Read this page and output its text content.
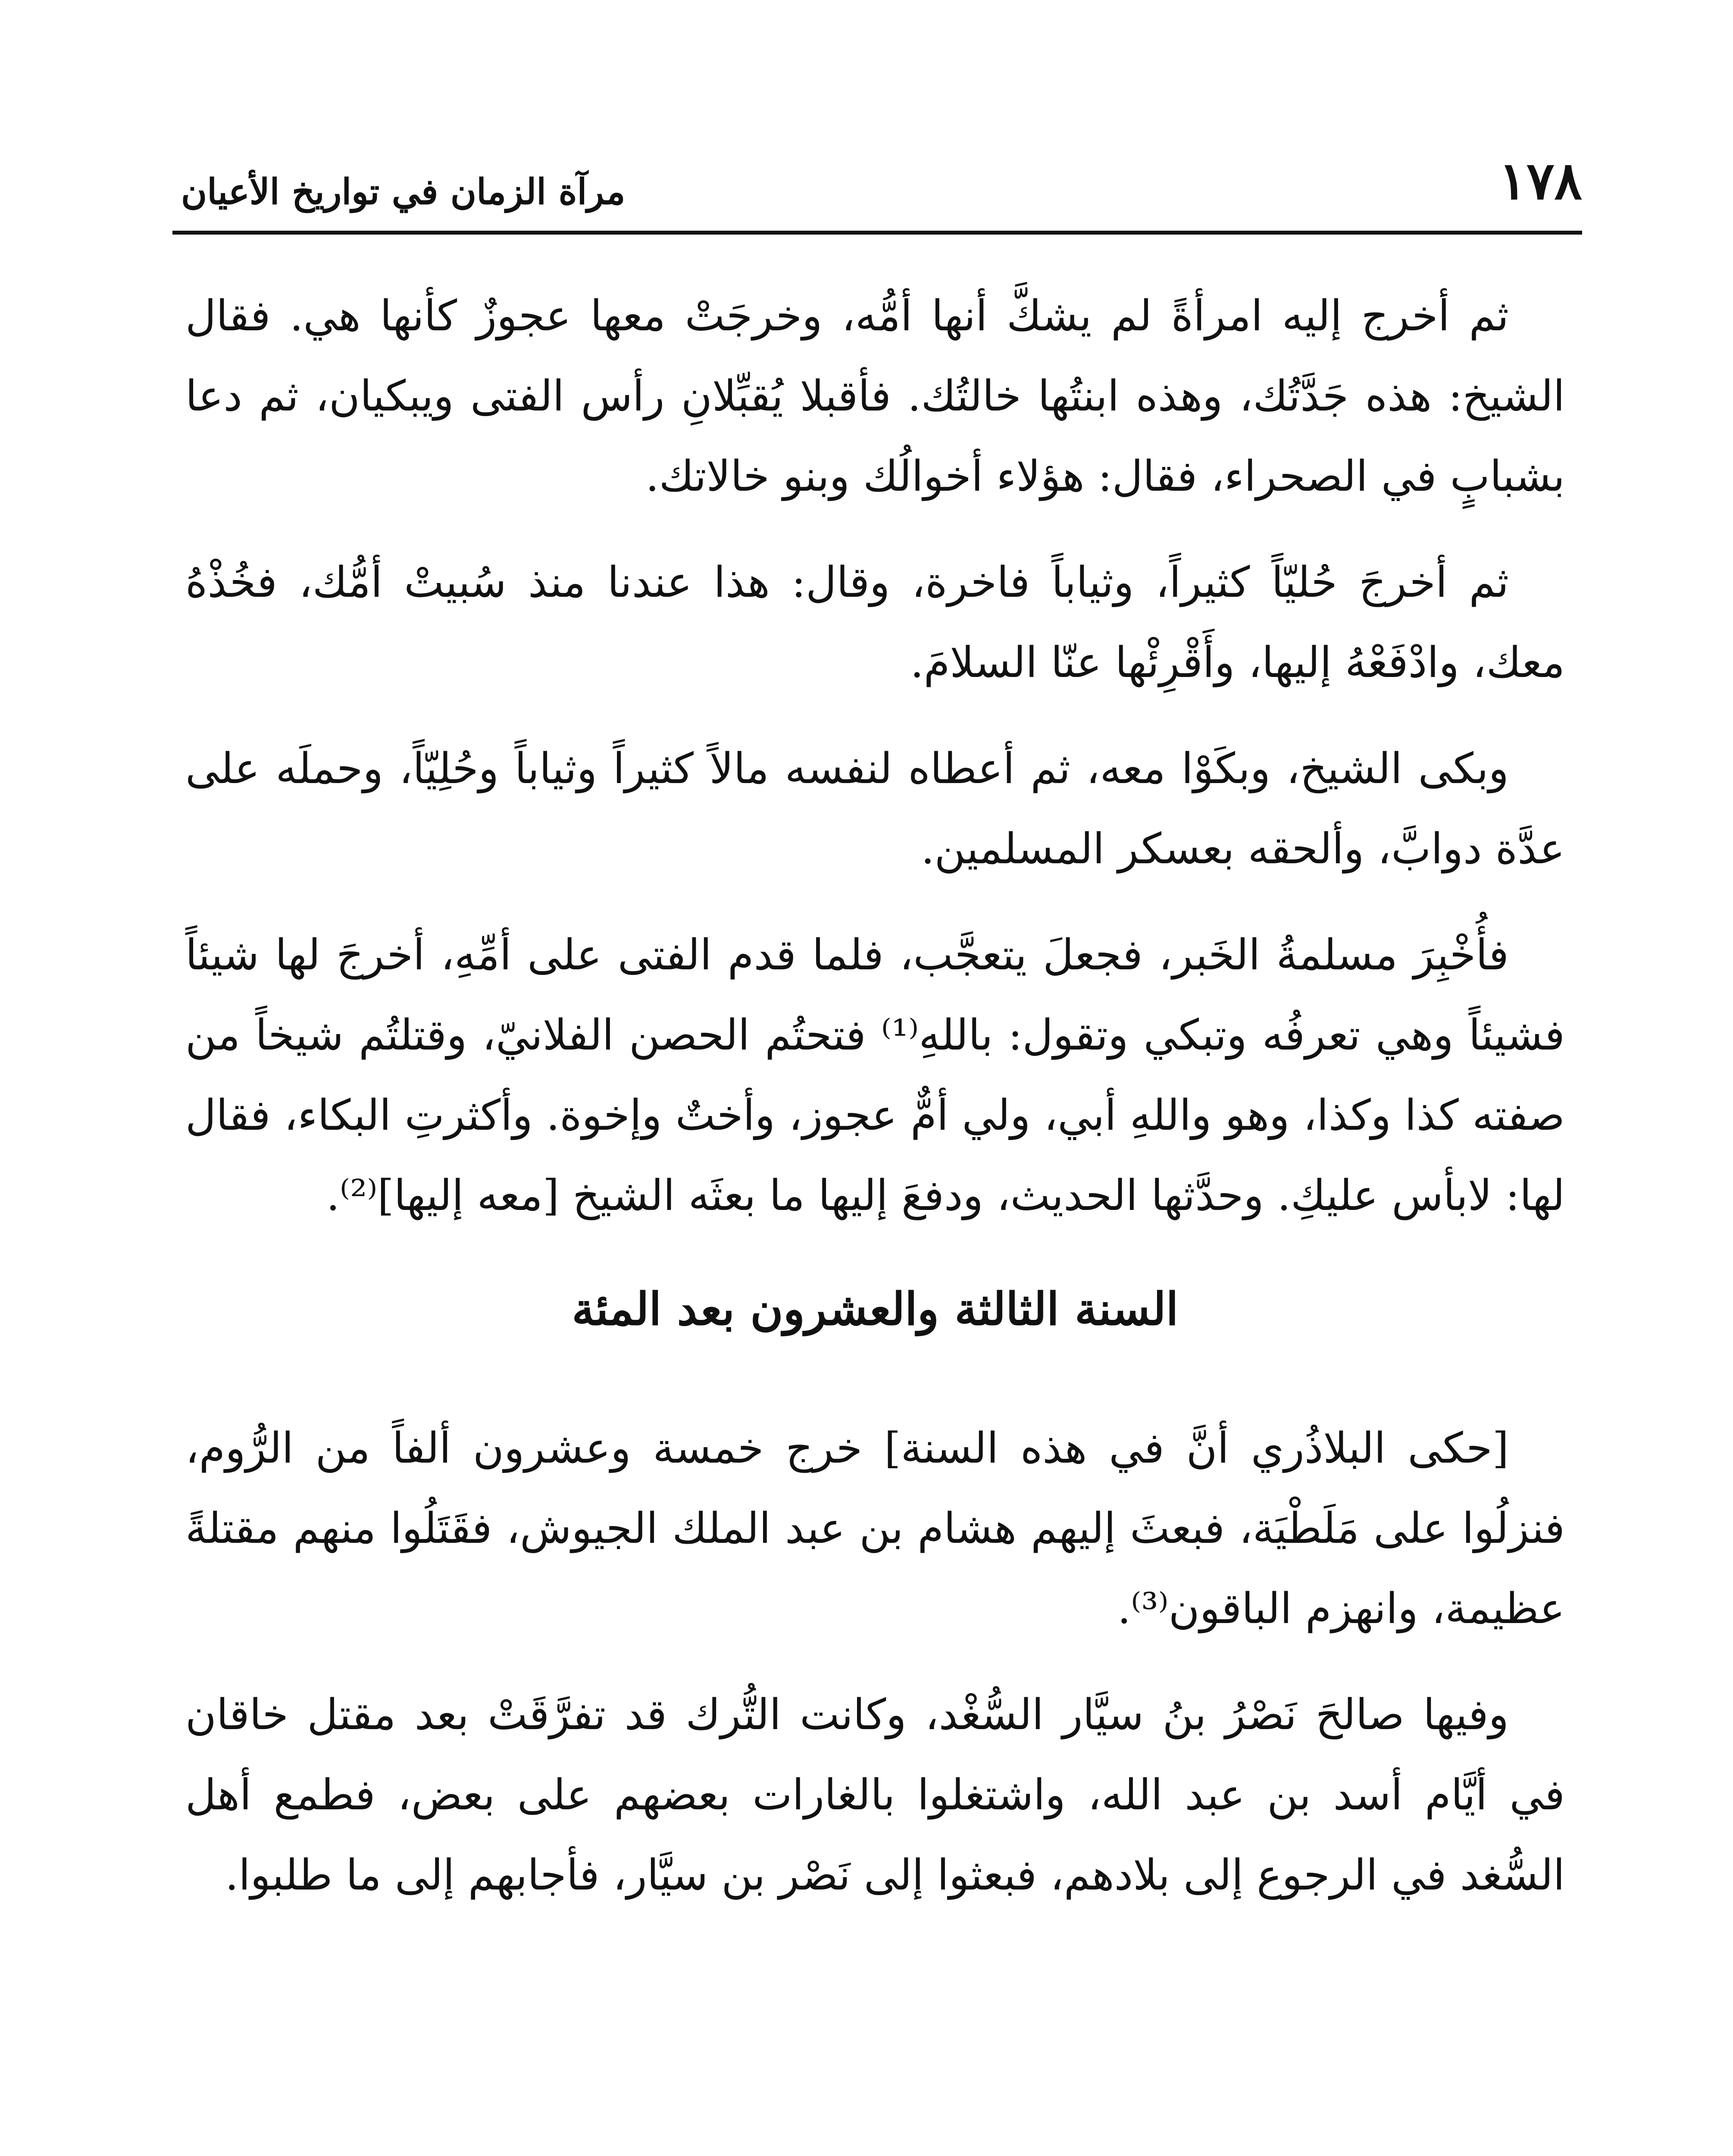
١٧٨
مرآة الزمان في تواريخ الأعيان

ثم أخرج إليه امرأةً لم يشكَّ أنها أمُّه، وخرجَتْ معها عجوزٌ كأنها هي. فقال الشيخ: هذه جَدَّتُك، وهذه ابنتُها خالتُك. فأقبلا يُقبِّلانِ رأس الفتى ويبكيان، ثم دعا بشبابٍ في الصحراء، فقال: هؤلاء أخوالُك وبنو خالاتك.

ثم أخرجَ حُليّاً كثيراً، وثياباً فاخرة، وقال: هذا عندنا منذ سُبيتْ أمُّك، فخُذْهُ معك، وادْفَعْهُ إليها، وأَقْرِئْها عنّا السلامَ.

وبكى الشيخ، وبكَوْا معه، ثم أعطاه لنفسه مالاً كثيراً وثياباً وحُلِيّاً، وحملَه على عدَّة دوابَّ، وألحقه بعسكر المسلمين.

فأُخْبِرَ مسلمةُ الخَبر، فجعلَ يتعجَّب، فلما قدم الفتى على أمِّهِ، أخرجَ لها شيئاً فشيئاً وهي تعرفُه وتبكي وتقول: باللهِ⁽¹⁾ فتحتُم الحصن الفلانيّ، وقتلتُم شيخاً من صفته كذا وكذا، وهو واللهِ أبي، ولي أمٌّ عجوز، وأختٌ وإخوة. وأكثرتِ البكاء، فقال لها: لابأس عليكِ. وحدَّثها الحديث، ودفعَ إليها ما بعثَه الشيخ [معه إليها]⁽²⁾.

السنة الثالثة والعشرون بعد المئة

[حكى البلاذُري أنَّ في هذه السنة] خرج خمسة وعشرون ألفاً من الرُّوم، فنزلُوا على مَلَطْيَة، فبعثَ إليهم هشام بن عبد الملك الجيوش، فقَتَلُوا منهم مقتلةً عظيمة، وانهزم الباقون⁽³⁾.

وفيها صالحَ نَصْرُ بنُ سيَّار السُّغْد، وكانت التُّرك قد تفرَّقَتْ بعد مقتل خاقان في أيَّام أسد بن عبد الله، واشتغلوا بالغارات بعضهم على بعض، فطمع أهل السُّغد في الرجوع إلى بلادهم، فبعثوا إلى نَصْر بن سيَّار، فأجابهم إلى ما طلبوا.
